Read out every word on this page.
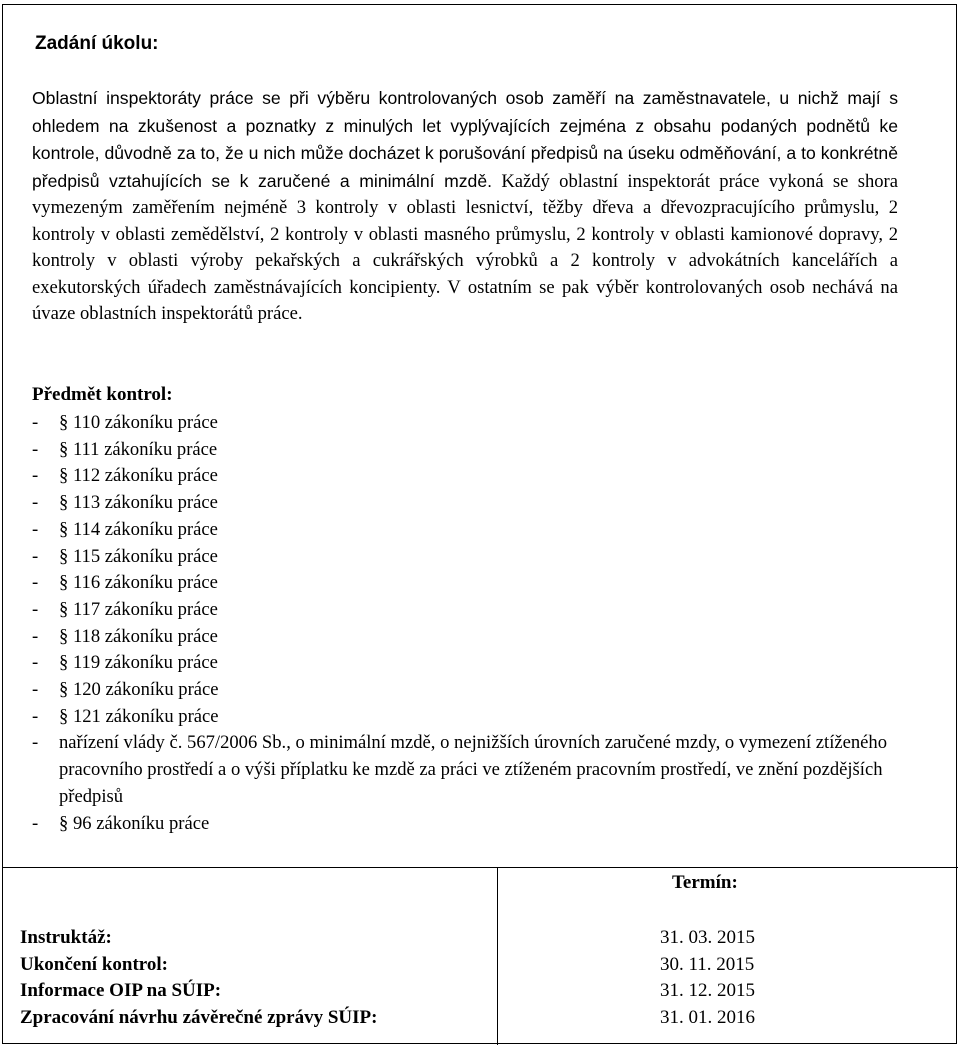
Zadání úkolu:
Oblastní inspektoráty práce se při výběru kontrolovaných osob zaměří na zaměstnavatele, u nichž mají s ohledem na zkušenost a poznatky z minulých let vyplývajících zejména z obsahu podaných podnětů ke kontrole, důvodně za to, že u nich může docházet k porušování předpisů na úseku odměňování, a to konkrétně předpisů vztahujících se k zaručené a minimální mzdě. Každý oblastní inspektorát práce vykoná se shora vymezeným zaměřením nejméně 3 kontroly v oblasti lesnictví, těžby dřeva a dřevozpracujícího průmyslu, 2 kontroly v oblasti zemědělství, 2 kontroly v oblasti masného průmyslu, 2 kontroly v oblasti kamionové dopravy, 2 kontroly v oblasti výroby pekařských a cukrářských výrobků a 2 kontroly v advokátních kancelářích a exekutorských úřadech zaměstnávajících koncipienty. V ostatním se pak výběr kontrolovaných osob nechává na úvaze oblastních inspektorátů práce.
Předmět kontrol:
- § 110 zákoníku práce
- § 111 zákoníku práce
- § 112 zákoníku práce
- § 113 zákoníku práce
- § 114 zákoníku práce
- § 115 zákoníku práce
- § 116 zákoníku práce
- § 117 zákoníku práce
- § 118 zákoníku práce
- § 119 zákoníku práce
- § 120 zákoníku práce
- § 121 zákoníku práce
- nařízení vlády č. 567/2006 Sb., o minimální mzdě, o nejnižších úrovních zaručené mzdy, o vymezení ztíženého pracovního prostředí a o výši příplatku ke mzdě za práci ve ztíženém pracovním prostředí, ve znění pozdějších předpisů
- § 96 zákoníku práce
Termín:
Instruktáž:
Ukončení kontrol:
Informace OIP na SÚIP:
Zpracování návrhu závěrečné zprávy SÚIP:
31. 03. 2015
30. 11. 2015
31. 12. 2015
31. 01. 2016
